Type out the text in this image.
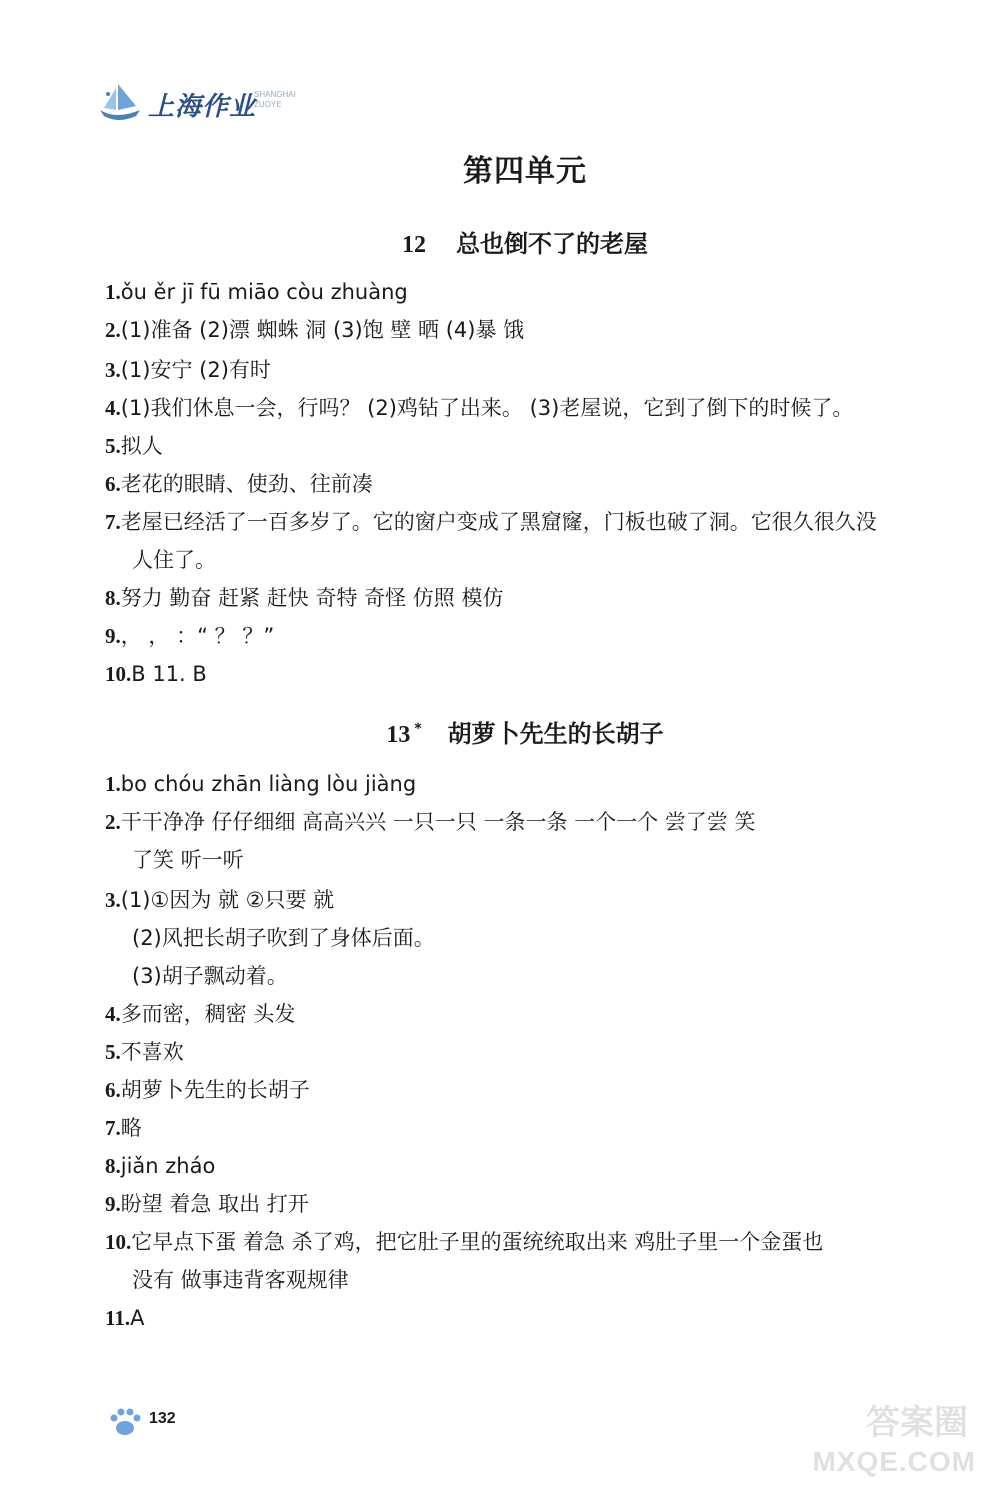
上海作业
SHANGHAI
ZUOYE
第四单元
12 总也倒不了的老屋
1.ǒu ěr jī fū miāo còu zhuàng
2.(1)准备 (2)漂 蜘蛛 洞 (3)饱 壁 晒 (4)暴 饿
3.(1)安宁 (2)有时
4.(1)我们休息一会，行吗？ (2)鸡钻了出来。 (3)老屋说，它到了倒下的时候了。
5.拟人
6.老花的眼睛、使劲、往前凑
7.老屋已经活了一百多岁了。它的窗户变成了黑窟窿，门板也破了洞。它很久很久没
人住了。
8.努力 勤奋 赶紧 赶快 奇特 奇怪 仿照 模仿
9.， ， ：“ ？ ？”
10.B 11. B
13 * 胡萝卜先生的长胡子
1.bo chóu zhān liàng lòu jiàng
2.干干净净 仔仔细细 高高兴兴 一只一只 一条一条 一个一个 尝了尝 笑
了笑 听一听
3.(1)①因为 就 ②只要 就
(2)风把长胡子吹到了身体后面。
(3)胡子飘动着。
4.多而密，稠密 头发
5.不喜欢
6.胡萝卜先生的长胡子
7.略
8.jiǎn zháo
9.盼望 着急 取出 打开
10.它早点下蛋 着急 杀了鸡，把它肚子里的蛋统统取出来 鸡肚子里一个金蛋也
没有 做事违背客观规律
11.A
132	答案圈
MXQE.COM
